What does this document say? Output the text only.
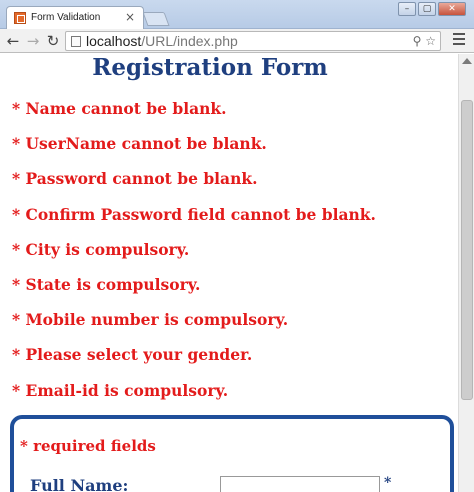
Form Validation ×
–	▢	✕
← → ↻ localhost/URL/index.php	⚲ ☆
Registration Form
* Name cannot be blank.
* UserName cannot be blank.
* Password cannot be blank.
* Confirm Password field cannot be blank.
* City is compulsory.
* State is compulsory.
* Mobile number is compulsory.
* Please select your gender.
* Email-id is compulsory.
* required fields
Full Name:	*
